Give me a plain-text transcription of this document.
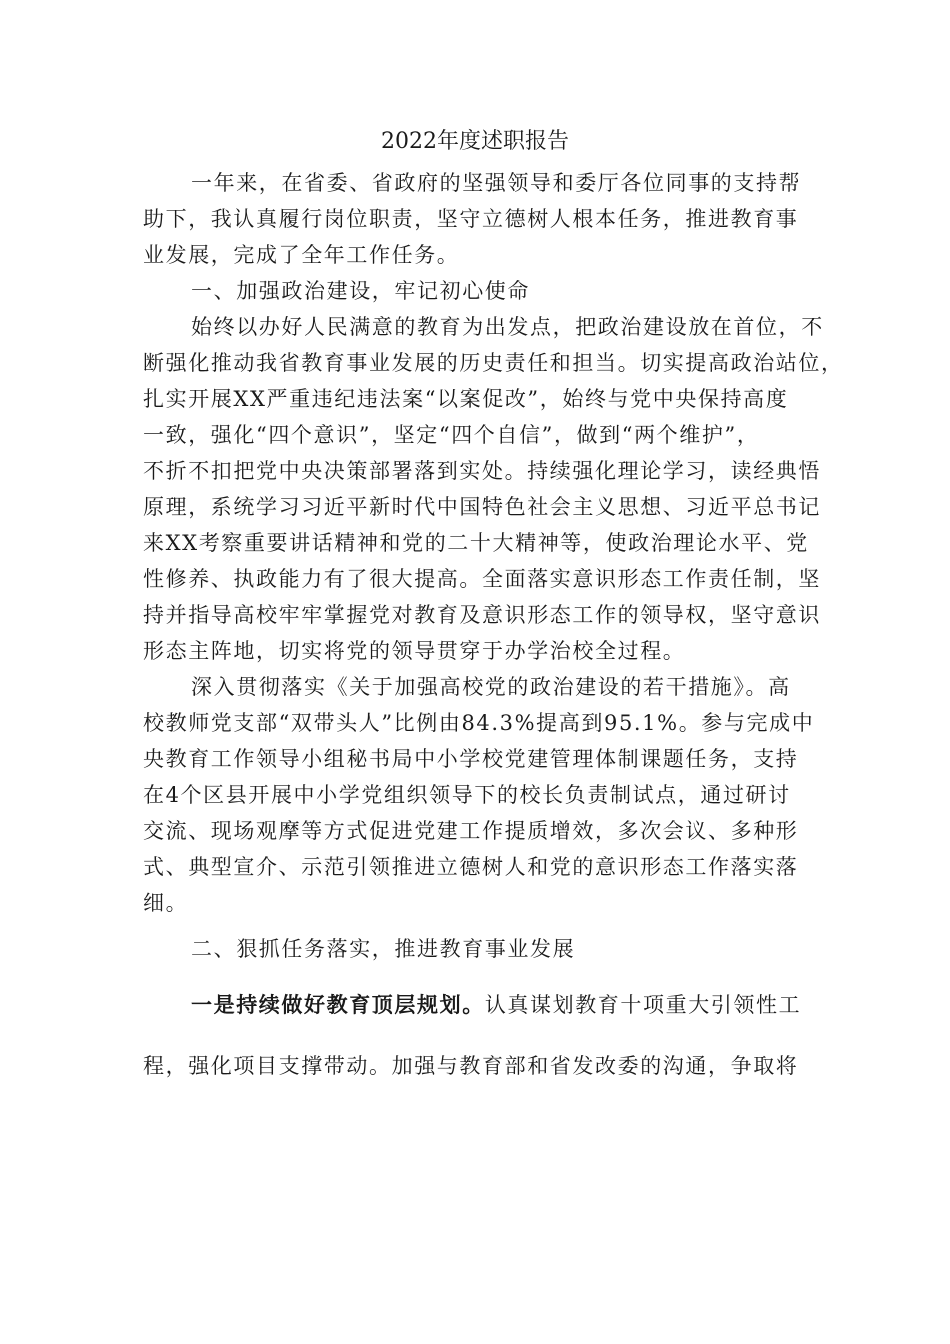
2022年度述职报告
一年来，在省委、省政府的坚强领导和委厅各位同事的支持帮
助下，我认真履行岗位职责，坚守立德树人根本任务，推进教育事
业发展，完成了全年工作任务。
一、加强政治建设，牢记初心使命
始终以办好人民满意的教育为出发点，把政治建设放在首位，不
断强化推动我省教育事业发展的历史责任和担当。切实提高政治站位，
扎实开展XX严重违纪违法案“以案促改”，始终与党中央保持高度
一致，强化“四个意识”，坚定“四个自信”，做到“两个维护”，
不折不扣把党中央决策部署落到实处。持续强化理论学习，读经典悟
原理，系统学习习近平新时代中国特色社会主义思想、习近平总书记
来XX考察重要讲话精神和党的二十大精神等，使政治理论水平、党
性修养、执政能力有了很大提高。全面落实意识形态工作责任制，坚
持并指导高校牢牢掌握党对教育及意识形态工作的领导权，坚守意识
形态主阵地，切实将党的领导贯穿于办学治校全过程。
深入贯彻落实《关于加强高校党的政治建设的若干措施》。高
校教师党支部“双带头人”比例由84.3%提高到95.1%。参与完成中
央教育工作领导小组秘书局中小学校党建管理体制课题任务，支持
在4个区县开展中小学党组织领导下的校长负责制试点，通过研讨
交流、现场观摩等方式促进党建工作提质增效，多次会议、多种形
式、典型宣介、示范引领推进立德树人和党的意识形态工作落实落
细。
二、狠抓任务落实，推进教育事业发展
一是持续做好教育顶层规划。认真谋划教育十项重大引领性工
程，强化项目支撑带动。加强与教育部和省发改委的沟通，争取将
